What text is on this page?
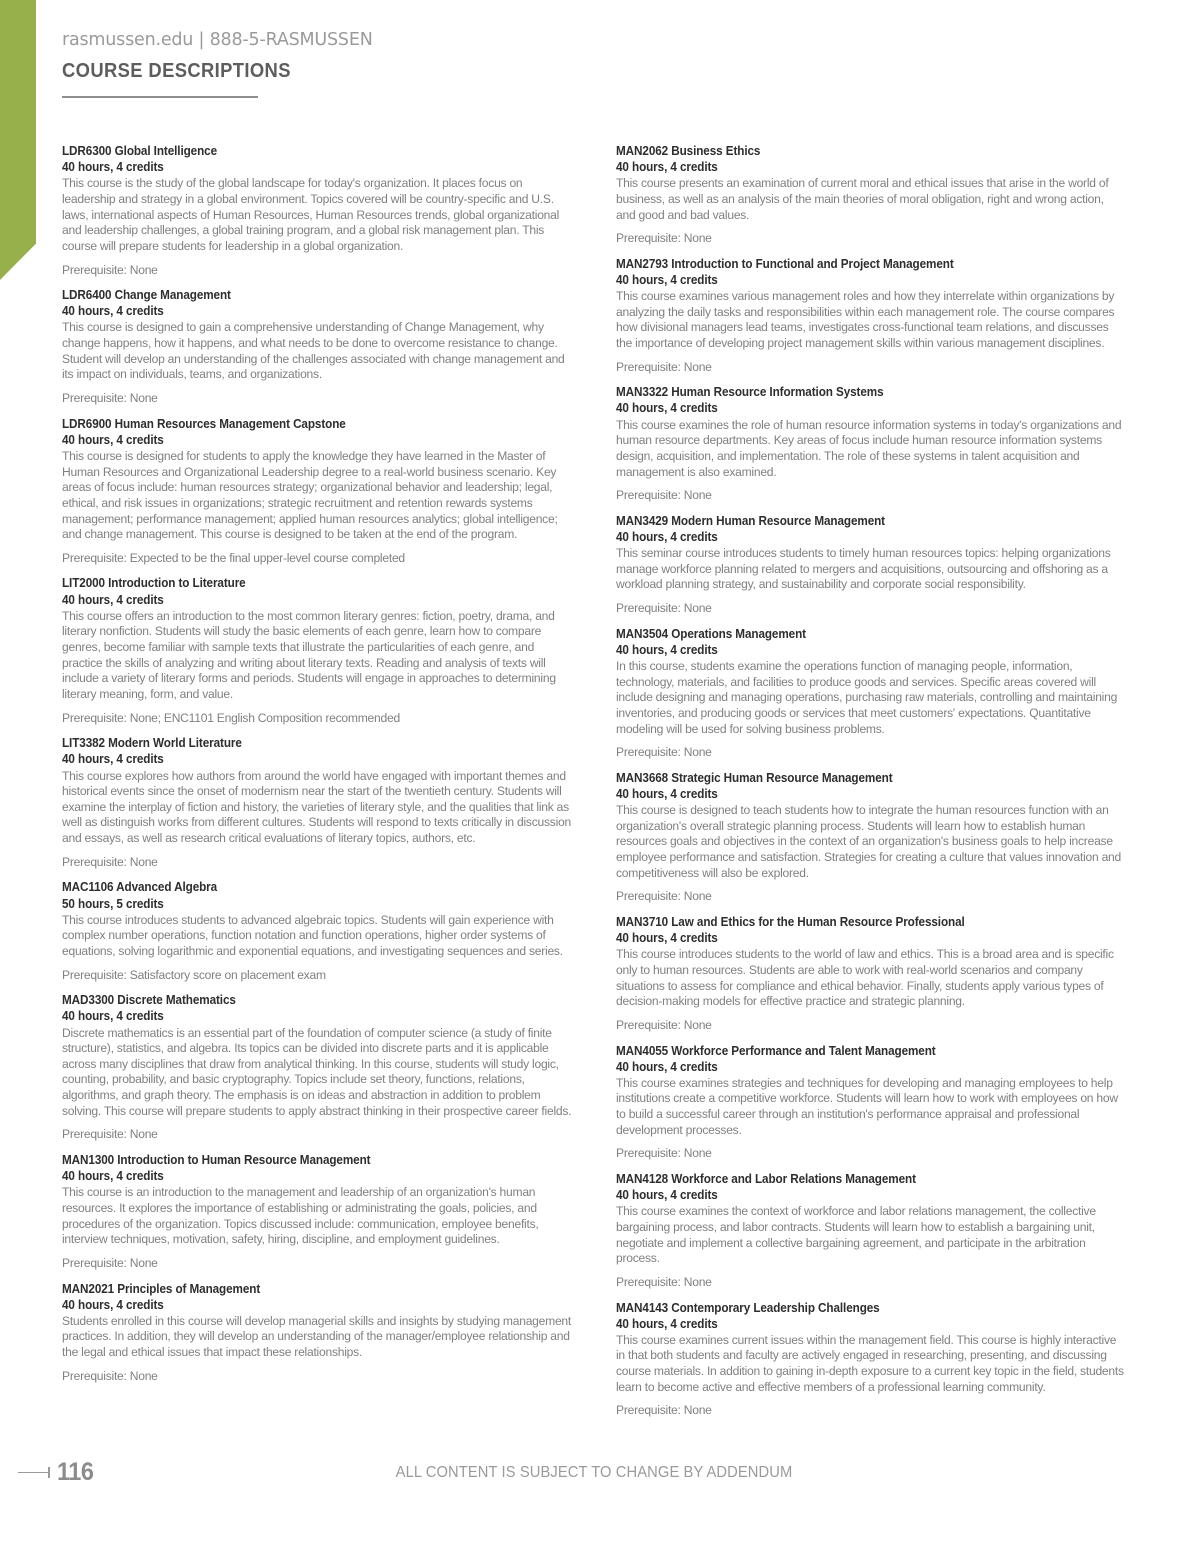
rasmussen.edu | 888-5-RASMUSSEN
COURSE DESCRIPTIONS
LDR6300 Global Intelligence
40 hours, 4 credits
This course is the study of the global landscape for today's organization. It places focus on leadership and strategy in a global environment. Topics covered will be country-specific and U.S. laws, international aspects of Human Resources, Human Resources trends, global organizational and leadership challenges, a global training program, and a global risk management plan. This course will prepare students for leadership in a global organization.
Prerequisite: None
LDR6400 Change Management
40 hours, 4 credits
This course is designed to gain a comprehensive understanding of Change Management, why change happens, how it happens, and what needs to be done to overcome resistance to change. Student will develop an understanding of the challenges associated with change management and its impact on individuals, teams, and organizations.
Prerequisite: None
LDR6900 Human Resources Management Capstone
40 hours, 4 credits
This course is designed for students to apply the knowledge they have learned in the Master of Human Resources and Organizational Leadership degree to a real-world business scenario. Key areas of focus include: human resources strategy; organizational behavior and leadership; legal, ethical, and risk issues in organizations; strategic recruitment and retention rewards systems management; performance management; applied human resources analytics; global intelligence; and change management. This course is designed to be taken at the end of the program.
Prerequisite: Expected to be the final upper-level course completed
LIT2000 Introduction to Literature
40 hours, 4 credits
This course offers an introduction to the most common literary genres: fiction, poetry, drama, and literary nonfiction. Students will study the basic elements of each genre, learn how to compare genres, become familiar with sample texts that illustrate the particularities of each genre, and practice the skills of analyzing and writing about literary texts. Reading and analysis of texts will include a variety of literary forms and periods. Students will engage in approaches to determining literary meaning, form, and value.
Prerequisite: None; ENC1101 English Composition recommended
LIT3382 Modern World Literature
40 hours, 4 credits
This course explores how authors from around the world have engaged with important themes and historical events since the onset of modernism near the start of the twentieth century. Students will examine the interplay of fiction and history, the varieties of literary style, and the qualities that link as well as distinguish works from different cultures. Students will respond to texts critically in discussion and essays, as well as research critical evaluations of literary topics, authors, etc.
Prerequisite: None
MAC1106 Advanced Algebra
50 hours, 5 credits
This course introduces students to advanced algebraic topics. Students will gain experience with complex number operations, function notation and function operations, higher order systems of equations, solving logarithmic and exponential equations, and investigating sequences and series.
Prerequisite: Satisfactory score on placement exam
MAD3300 Discrete Mathematics
40 hours, 4 credits
Discrete mathematics is an essential part of the foundation of computer science (a study of finite structure), statistics, and algebra. Its topics can be divided into discrete parts and it is applicable across many disciplines that draw from analytical thinking. In this course, students will study logic, counting, probability, and basic cryptography. Topics include set theory, functions, relations, algorithms, and graph theory. The emphasis is on ideas and abstraction in addition to problem solving. This course will prepare students to apply abstract thinking in their prospective career fields.
Prerequisite: None
MAN1300 Introduction to Human Resource Management
40 hours, 4 credits
This course is an introduction to the management and leadership of an organization's human resources. It explores the importance of establishing or administrating the goals, policies, and procedures of the organization. Topics discussed include: communication, employee benefits, interview techniques, motivation, safety, hiring, discipline, and employment guidelines.
Prerequisite: None
MAN2021 Principles of Management
40 hours, 4 credits
Students enrolled in this course will develop managerial skills and insights by studying management practices. In addition, they will develop an understanding of the manager/employee relationship and the legal and ethical issues that impact these relationships.
Prerequisite: None
MAN2062 Business Ethics
40 hours, 4 credits
This course presents an examination of current moral and ethical issues that arise in the world of business, as well as an analysis of the main theories of moral obligation, right and wrong action, and good and bad values.
Prerequisite: None
MAN2793 Introduction to Functional and Project Management
40 hours, 4 credits
This course examines various management roles and how they interrelate within organizations by analyzing the daily tasks and responsibilities within each management role. The course compares how divisional managers lead teams, investigates cross-functional team relations, and discusses the importance of developing project management skills within various management disciplines.
Prerequisite: None
MAN3322 Human Resource Information Systems
40 hours, 4 credits
This course examines the role of human resource information systems in today's organizations and human resource departments. Key areas of focus include human resource information systems design, acquisition, and implementation. The role of these systems in talent acquisition and management is also examined.
Prerequisite: None
MAN3429 Modern Human Resource Management
40 hours, 4 credits
This seminar course introduces students to timely human resources topics: helping organizations manage workforce planning related to mergers and acquisitions, outsourcing and offshoring as a workload planning strategy, and sustainability and corporate social responsibility.
Prerequisite: None
MAN3504 Operations Management
40 hours, 4 credits
In this course, students examine the operations function of managing people, information, technology, materials, and facilities to produce goods and services. Specific areas covered will include designing and managing operations, purchasing raw materials, controlling and maintaining inventories, and producing goods or services that meet customers' expectations. Quantitative modeling will be used for solving business problems.
Prerequisite: None
MAN3668 Strategic Human Resource Management
40 hours, 4 credits
This course is designed to teach students how to integrate the human resources function with an organization's overall strategic planning process. Students will learn how to establish human resources goals and objectives in the context of an organization's business goals to help increase employee performance and satisfaction. Strategies for creating a culture that values innovation and competitiveness will also be explored.
Prerequisite: None
MAN3710 Law and Ethics for the Human Resource Professional
40 hours, 4 credits
This course introduces students to the world of law and ethics. This is a broad area and is specific only to human resources. Students are able to work with real-world scenarios and company situations to assess for compliance and ethical behavior. Finally, students apply various types of decision-making models for effective practice and strategic planning.
Prerequisite: None
MAN4055 Workforce Performance and Talent Management
40 hours, 4 credits
This course examines strategies and techniques for developing and managing employees to help institutions create a competitive workforce. Students will learn how to work with employees on how to build a successful career through an institution's performance appraisal and professional development processes.
Prerequisite: None
MAN4128 Workforce and Labor Relations Management
40 hours, 4 credits
This course examines the context of workforce and labor relations management, the collective bargaining process, and labor contracts. Students will learn how to establish a bargaining unit, negotiate and implement a collective bargaining agreement, and participate in the arbitration process.
Prerequisite: None
MAN4143 Contemporary Leadership Challenges
40 hours, 4 credits
This course examines current issues within the management field. This course is highly interactive in that both students and faculty are actively engaged in researching, presenting, and discussing course materials. In addition to gaining in-depth exposure to a current key topic in the field, students learn to become active and effective members of a professional learning community.
Prerequisite: None
116	ALL CONTENT IS SUBJECT TO CHANGE BY ADDENDUM
